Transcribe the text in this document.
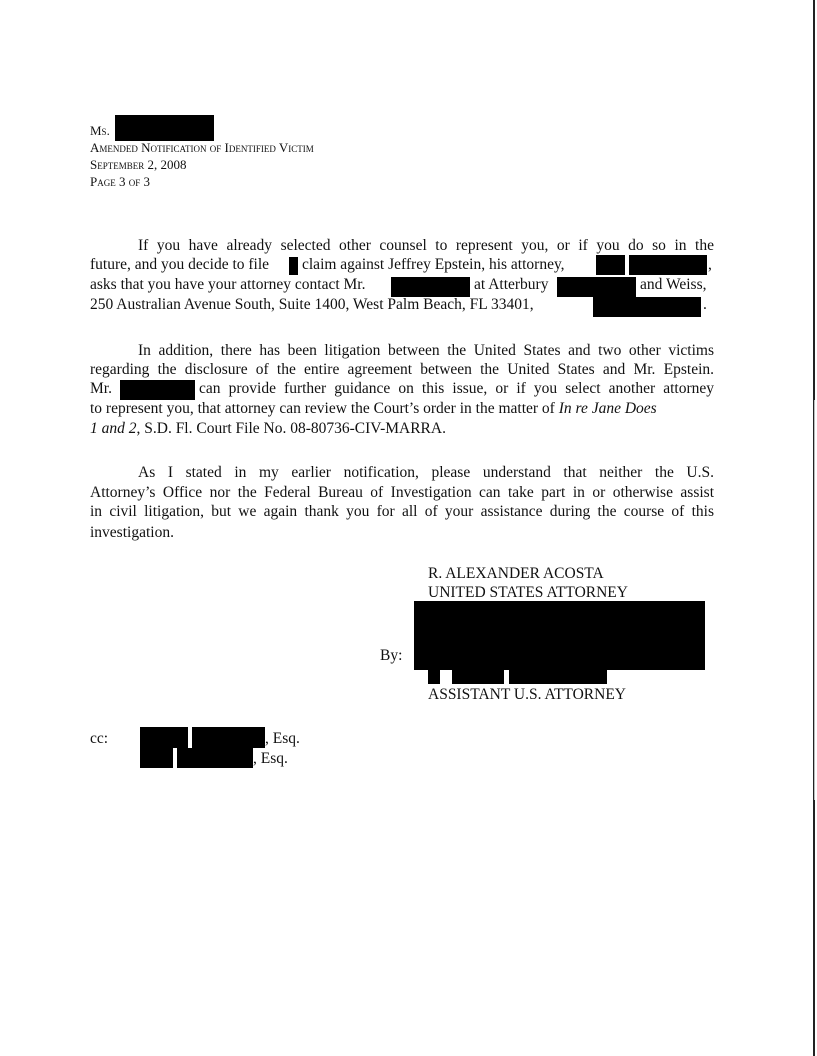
Ms.
Amended Notification of Identified Victim
September 2, 2008
Page 3 of 3
If you have already selected other counsel to represent you, or if you do so in the
future, and you decide to file claim against Jeffrey Epstein, his attorney,	,
asks that you have your attorney contact Mr.	at Atterbury	and Weiss,
250 Australian Avenue South, Suite 1400, West Palm Beach, FL 33401,	.
In addition, there has been litigation between the United States and two other victims
regarding the disclosure of the entire agreement between the United States and Mr. Epstein.
Mr.	can provide further guidance on this issue, or if you select another attorney
to represent you, that attorney can review the Court’s order in the matter of In re Jane Does
1 and 2, S.D. Fl. Court File No. 08-80736-CIV-MARRA.
As I stated in my earlier notification, please understand that neither the U.S.
Attorney’s Office nor the Federal Bureau of Investigation can take part in or otherwise assist
in civil litigation, but we again thank you for all of your assistance during the course of this
investigation.
R. ALEXANDER ACOSTA
UNITED STATES ATTORNEY
By:
ASSISTANT U.S. ATTORNEY
cc:	, Esq.
, Esq.
